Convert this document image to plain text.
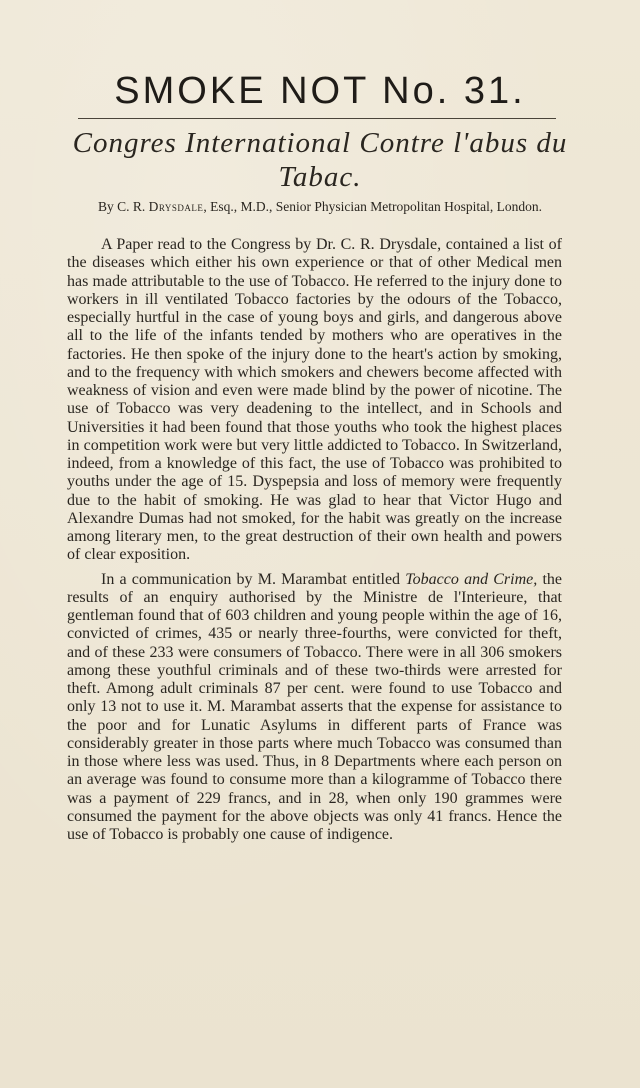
SMOKE NOT No. 31.
Congres International Contre l'abus du Tabac.
By C. R. Drysdale, Esq., M.D., Senior Physician Metropolitan Hospital, London.

A Paper read to the Congress by Dr. C. R. Drysdale, contained a list of the diseases which either his own experience or that of other Medical men has made attributable to the use of Tobacco. He referred to the injury done to workers in ill ventilated Tobacco factories by the odours of the Tobacco, especially hurtful in the case of young boys and girls, and dangerous above all to the life of the infants tended by mothers who are operatives in the factories. He then spoke of the injury done to the heart's action by smoking, and to the frequency with which smokers and chewers become affected with weakness of vision and even were made blind by the power of nicotine. The use of Tobacco was very deadening to the intellect, and in Schools and Universities it had been found that those youths who took the highest places in competition work were but very little addicted to Tobacco. In Switzerland, indeed, from a knowledge of this fact, the use of Tobacco was prohibited to youths under the age of 15. Dyspepsia and loss of memory were frequently due to the habit of smoking. He was glad to hear that Victor Hugo and Alexandre Dumas had not smoked, for the habit was greatly on the increase among literary men, to the great destruction of their own health and powers of clear exposition.

In a communication by M. Marambat entitled Tobacco and Crime, the results of an enquiry authorised by the Ministre de l'Interieure, that gentleman found that of 603 children and young people within the age of 16, convicted of crimes, 435 or nearly three-fourths, were convicted for theft, and of these 233 were consumers of Tobacco. There were in all 306 smokers among these youthful criminals and of these two-thirds were arrested for theft. Among adult criminals 87 per cent. were found to use Tobacco and only 13 not to use it. M. Marambat asserts that the expense for assistance to the poor and for Lunatic Asylums in different parts of France was considerably greater in those parts where much Tobacco was consumed than in those where less was used. Thus, in 8 Departments where each person on an average was found to consume more than a kilogramme of Tobacco there was a payment of 229 francs, and in 28, when only 190 grammes were consumed the payment for the above objects was only 41 francs. Hence the use of Tobacco is probably one cause of indigence.
